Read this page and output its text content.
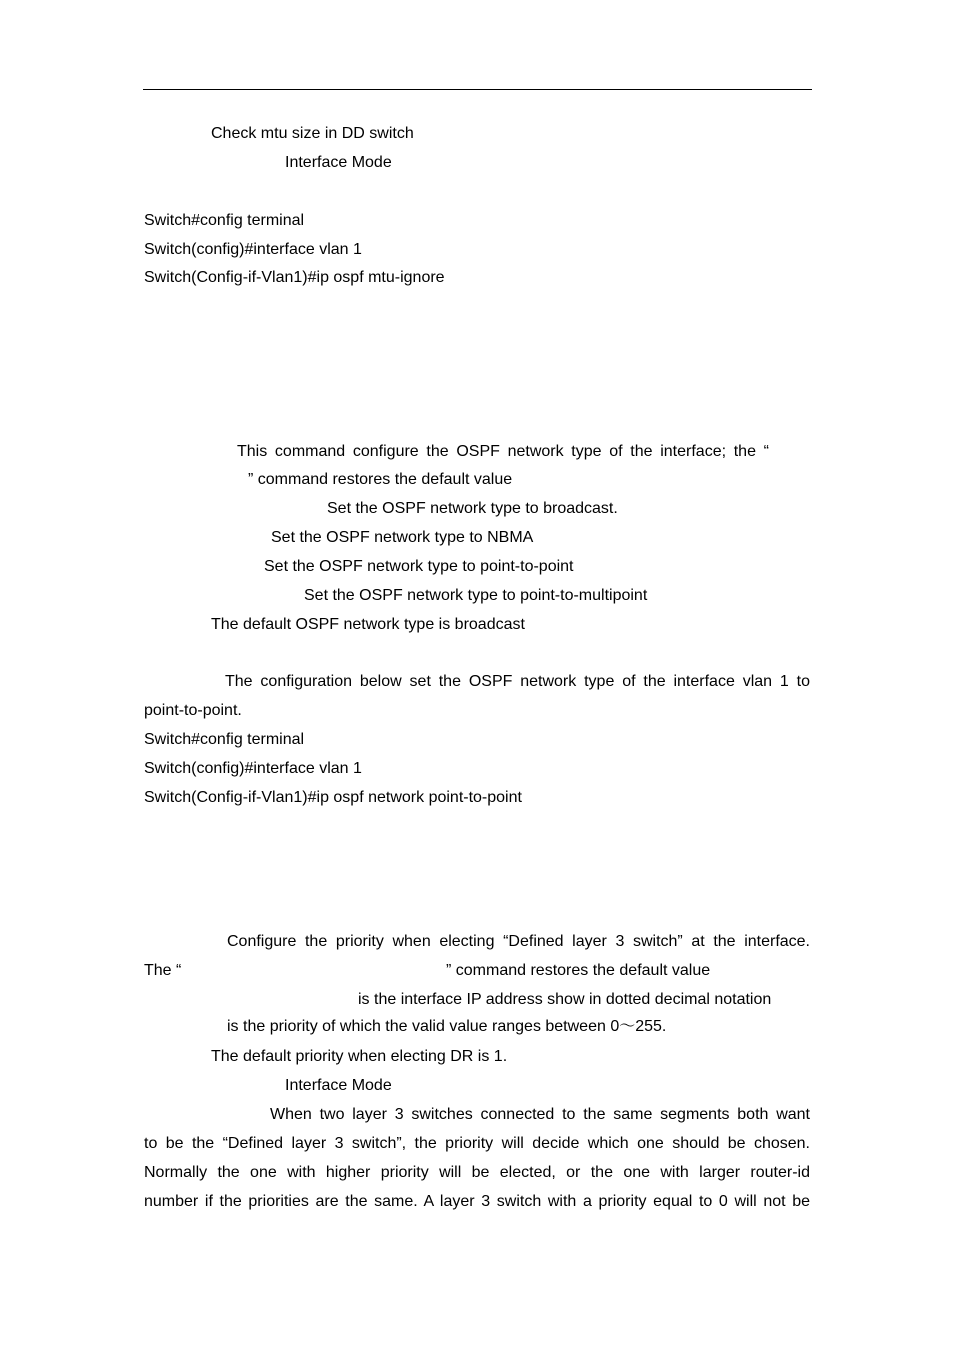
Check mtu size in DD switch
Interface Mode
Switch#config terminal
Switch(config)#interface vlan 1
Switch(Config-if-Vlan1)#ip ospf mtu-ignore
This command configure the OSPF network type of the interface; the “
” command restores the default value
Set the OSPF network type to broadcast.
Set the OSPF network type to NBMA
Set the OSPF network type to point-to-point
Set the OSPF network type to point-to-multipoint
The default OSPF network type is broadcast
The configuration below set the OSPF network type of the interface vlan 1 to
point-to-point.
Switch#config terminal
Switch(config)#interface vlan 1
Switch(Config-if-Vlan1)#ip ospf network point-to-point
Configure the priority when electing “Defined layer 3 switch” at the interface.
The “	” command restores the default value
is the interface IP address show in dotted decimal notation
is the priority of which the valid value ranges between 0～255.
The default priority when electing DR is 1.
Interface Mode
When two layer 3 switches connected to the same segments both want
to be the “Defined layer 3 switch”, the priority will decide which one should be chosen.
Normally the one with higher priority will be elected, or the one with larger router-id
number if the priorities are the same. A layer 3 switch with a priority equal to 0 will not be
